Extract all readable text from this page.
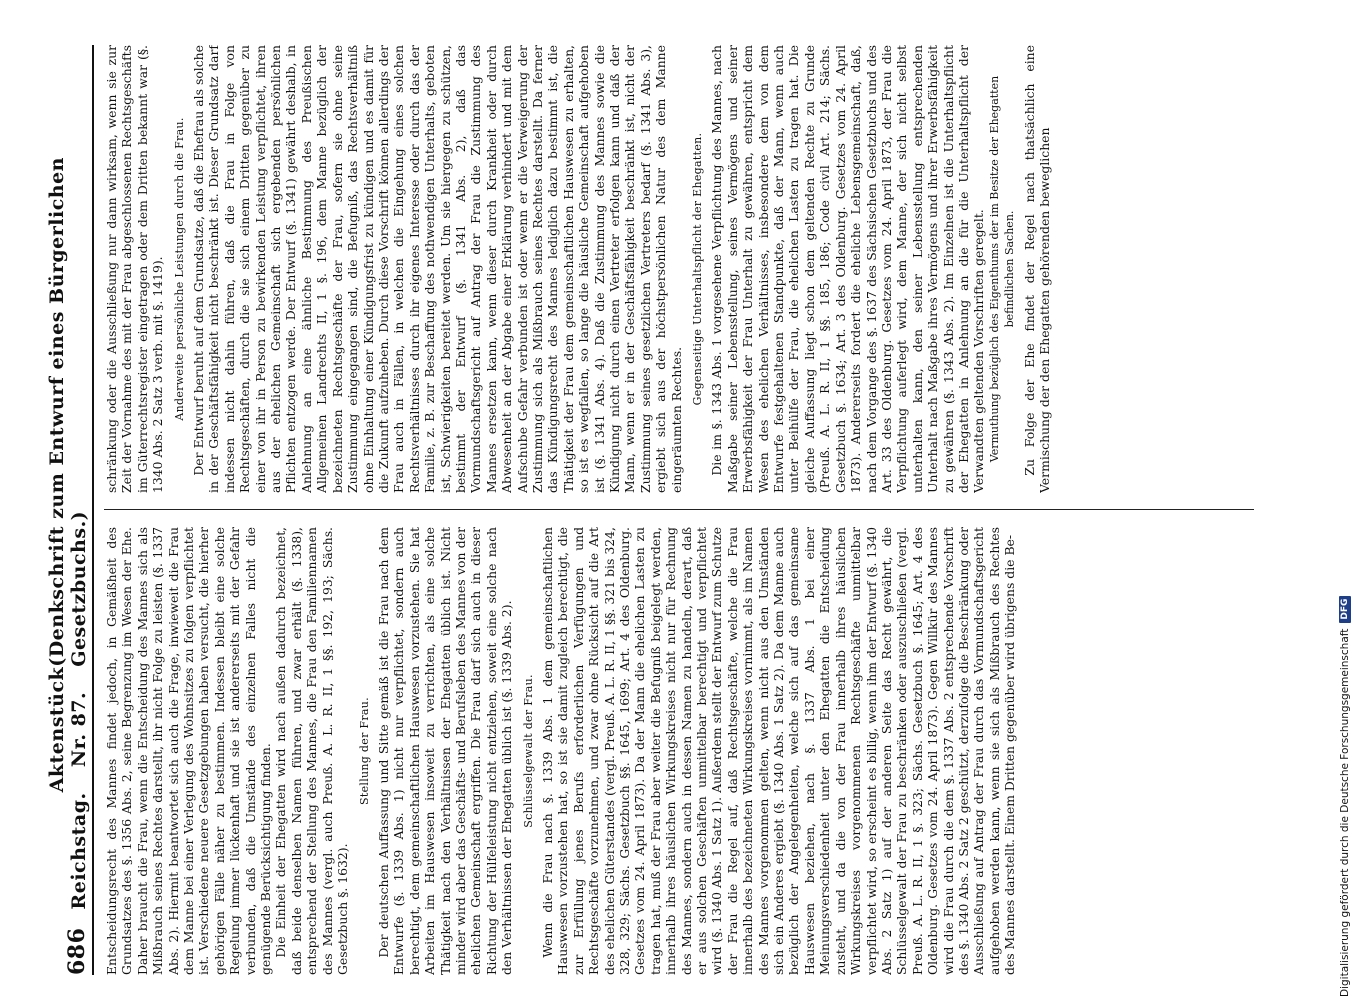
686
Reichstag.
Aktenstück Nr. 87.
(Denkschrift zum Entwurf eines Bürgerlichen Gesetzbuchs.) Entscheidungsrecht des Mannes findet jedoch, in Gemäßheit des Grundsatzes des §. 1356 Abs. 2, seine Begrenzung im Wesen der Ehe. Daher braucht die Frau, wenn die Entscheidung des Mannes sich als Mißbrauch seines Rechtes darstellt, ihr nicht Folge zu leisten (§. 1337 Abs. 2). Hiermit beantwortet sich auch die Frage, inwieweit die Frau dem Manne bei einer Verlegung des Wohnsitzes zu folgen verpflichtet ist. Verschiedene neuere Gesetzgebungen haben versucht, die hierher gehörigen Fälle näher zu bestimmen. Indessen bleibt eine solche Regelung immer lückenhaft und sie ist andererseits mit der Gefahr verbunden, daß die Umstände des einzelnen Falles nicht die genügende Berücksichtigung finden. Die Einheit der Ehegatten wird nach außen dadurch bezeichnet, daß beide denselben Namen führen, und zwar erhält (§. 1338), entsprechend der Stellung des Mannes, die Frau den Familiennamen des Mannes (vergl. auch Preuß. A. L. R. II, 1 §§. 192, 193; Sächs. Gesetzbuch §. 1632).

Stellung der Frau. Der deutschen Auffassung und Sitte gemäß ist die Frau nach dem Entwurfe (§. 1339 Abs. 1) nicht nur verpflichtet, sondern auch berechtigt, dem gemeinschaftlichen Hauswesen vorzustehen. Sie hat Arbeiten im Hauswesen insoweit zu verrichten, als eine solche Thätigkeit nach den Verhältnissen der Ehegatten üblich ist. Nicht minder wird aber das Geschäfts- und Berufsleben des Mannes von der ehelichen Gemeinschaft ergriffen. Die Frau darf sich auch in dieser Richtung der Hülfeleistung nicht entziehen, soweit eine solche nach den Verhältnissen der Ehegatten üblich ist (§. 1339 Abs. 2). Schlüsselgewalt der Frau. Wenn die Frau nach §. 1339 Abs. 1 dem gemeinschaftlichen Hauswesen vorzustehen hat, so ist sie damit zugleich berechtigt, die zur Erfüllung jenes Berufs erforderlichen Verfügungen und Rechtsgeschäfte vorzunehmen, und zwar ohne Rücksicht auf die Art des ehelichen Güterstandes (vergl. Preuß. A. L. R. II, 1 §§. 321 bis 324, 328, 329; Sächs. Gesetzbuch §§. 1645, 1699; Art. 4 des Oldenburg. Gesetzes vom 24. April 1873). Da der Mann die ehelichen Lasten zu tragen hat, muß der Frau aber weiter die Befugniß beigelegt werden, innerhalb ihres häuslichen Wirkungskreises nicht nur für Rechnung des Mannes, sondern auch in dessen Namen zu handeln, derart, daß er aus solchen Geschäften unmittelbar berechtigt und verpflichtet wird (§. 1340 Abs. 1 Satz 1). Außerdem stellt der Entwurf zum Schutze der Frau die Regel auf, daß Rechtsgeschäfte, welche die Frau innerhalb des bezeichneten Wirkungskreises vornimmt, als im Namen des Mannes vorgenommen gelten, wenn nicht aus den Umständen sich ein Anderes ergiebt (§. 1340 Abs. 1 Satz 2). Da dem Manne auch bezüglich der Angelegenheiten, welche sich auf das gemeinsame Hauswesen beziehen, nach §. 1337 Abs. 1 bei einer Meinungsverschiedenheit unter den Ehegatten die Entscheidung zusteht, und da die von der Frau innerhalb ihres häuslichen Wirkungskreises vorgenommenen Rechtsgeschäfte unmittelbar verpflichtet wird, so erscheint es billig, wenn ihm der Entwurf (§. 1340 Abs. 2 Satz 1) auf der anderen Seite das Recht gewährt, die Schlüsselgewalt der Frau zu beschränken oder auszuschließen (vergl. Preuß. A. L. R. II, 1 §. 323; Sächs. Gesetzbuch §. 1645; Art. 4 des Oldenburg. Gesetzes vom 24. April 1873). Gegen Willkür des Mannes wird die Frau durch die dem §. 1337 Abs. 2 entsprechende Vorschrift des §. 1340 Abs. 2 Satz 2 geschützt, derzufolge die Beschränkung oder Ausschließung auf Antrag der Frau durch das Vormundschaftsgericht aufgehoben werden kann, wenn sie sich als Mißbrauch des Rechtes des Mannes darstellt. Einem Dritten gegenüber wird übrigens die Be-

schränkung oder die Ausschließung nur dann wirksam, wenn sie zur Zeit der Vornahme des mit der Frau abgeschlossenen Rechtsgeschäfts im Güterrechtsregister eingetragen oder dem Dritten bekannt war (§. 1340 Abs. 2 Satz 3 verb. mit §. 1419). Anderweite persönliche Leistungen durch die Frau. Der Entwurf beruht auf dem Grundsatze, daß die Ehefrau als solche in der Geschäftsfähigkeit nicht beschränkt ist. Dieser Grundsatz darf indessen nicht dahin führen, daß die Frau in Folge von Rechtsgeschäften, durch die sie sich einem Dritten gegenüber zu einer von ihr in Person zu bewirkenden Leistung verpflichtet, ihren aus der ehelichen Gemeinschaft sich ergebenden persönlichen Pflichten entzogen werde. Der Entwurf (§. 1341) gewährt deshalb, in Anlehnung an eine ähnliche Bestimmung des Preußischen Allgemeinen Landrechts II, 1 §. 196, dem Manne bezüglich der bezeichneten Rechtsgeschäfte der Frau, sofern sie ohne seine Zustimmung eingegangen sind, die Befugniß, das Rechtsverhältniß ohne Einhaltung einer Kündigungsfrist zu kündigen und es damit für die Zukunft aufzuheben. Durch diese Vorschrift können allerdings der Frau auch in Fällen, in welchen die Eingehung eines solchen Rechtsverhältnisses durch ihr eigenes Interesse oder durch das der Familie, z. B. zur Beschaffung des nothwendigen Unterhalts, geboten ist, Schwierigkeiten bereitet werden. Um sie hiergegen zu schützen, bestimmt der Entwurf (§. 1341 Abs. 2), daß das Vormundschaftsgericht auf Antrag der Frau die Zustimmung des Mannes ersetzen kann, wenn dieser durch Krankheit oder durch Abwesenheit an der Abgabe einer Erklärung verhindert und mit dem Aufschube Gefahr verbunden ist oder wenn er die Verweigerung der Zustimmung sich als Mißbrauch seines Rechtes darstellt. Da ferner das Kündigungsrecht des Mannes lediglich dazu bestimmt ist, die Thätigkeit der Frau dem gemeinschaftlichen Hauswesen zu erhalten, so ist es wegfallen, so lange die häusliche Gemeinschaft aufgehoben ist (§. 1341 Abs. 4). Daß die Zustimmung des Mannes sowie die Kündigung nicht durch einen Vertreter erfolgen kann und daß der Mann, wenn er in der Geschäftsfähigkeit beschränkt ist, nicht der Zustimmung seines gesetzlichen Vertreters bedarf (§. 1341 Abs. 3), ergiebt sich aus der höchstpersönlichen Natur des dem Manne eingeräumten Rechtes.

Gegenseitige Unterhaltspflicht der Ehegatten. Die im §. 1343 Abs. 1 vorgesehene Verpflichtung des Mannes, nach Maßgabe seiner Lebensstellung, seines Vermögens und seiner Erwerbsfähigkeit der Frau Unterhalt zu gewähren, entspricht dem Wesen des ehelichen Verhältnisses, insbesondere dem von dem Entwurfe festgehaltenen Standpunkte, daß der Mann, wenn auch unter Beihülfe der Frau, die ehelichen Lasten zu tragen hat. Die gleiche Auffassung liegt schon dem geltenden Rechte zu Grunde (Preuß. A. L. R. II, 1 §§. 185, 186; Code civil Art. 214; Sächs. Gesetzbuch §. 1634; Art. 3 des Oldenburg. Gesetzes vom 24. April 1873). Andererseits fordert die eheliche Lebensgemeinschaft, daß, nach dem Vorgange des §. 1637 des Sächsischen Gesetzbuchs und des Art. 33 des Oldenburg. Gesetzes vom 24. April 1873, der Frau die Verpflichtung auferlegt wird, dem Manne, der sich nicht selbst unterhalten kann, den seiner Lebensstellung entsprechenden Unterhalt nach Maßgabe ihres Vermögens und ihrer Erwerbsfähigkeit zu gewähren (§. 1343 Abs. 2). Im Einzelnen ist die Unterhaltspflicht der Ehegatten in Anlehnung an die für die Unterhaltspflicht der Verwandten geltenden Vorschriften geregelt. Vermuthung bezüglich des Eigenthums der im Besitze der Ehegatten befindlichen Sachen. Zu Folge der Ehe findet der Regel nach thatsächlich eine Vermischung der den Ehegatten gehörenden beweglichen

Digitalisierung gefördert durch die Deutsche Forschungsgemeinschaft
DFG
